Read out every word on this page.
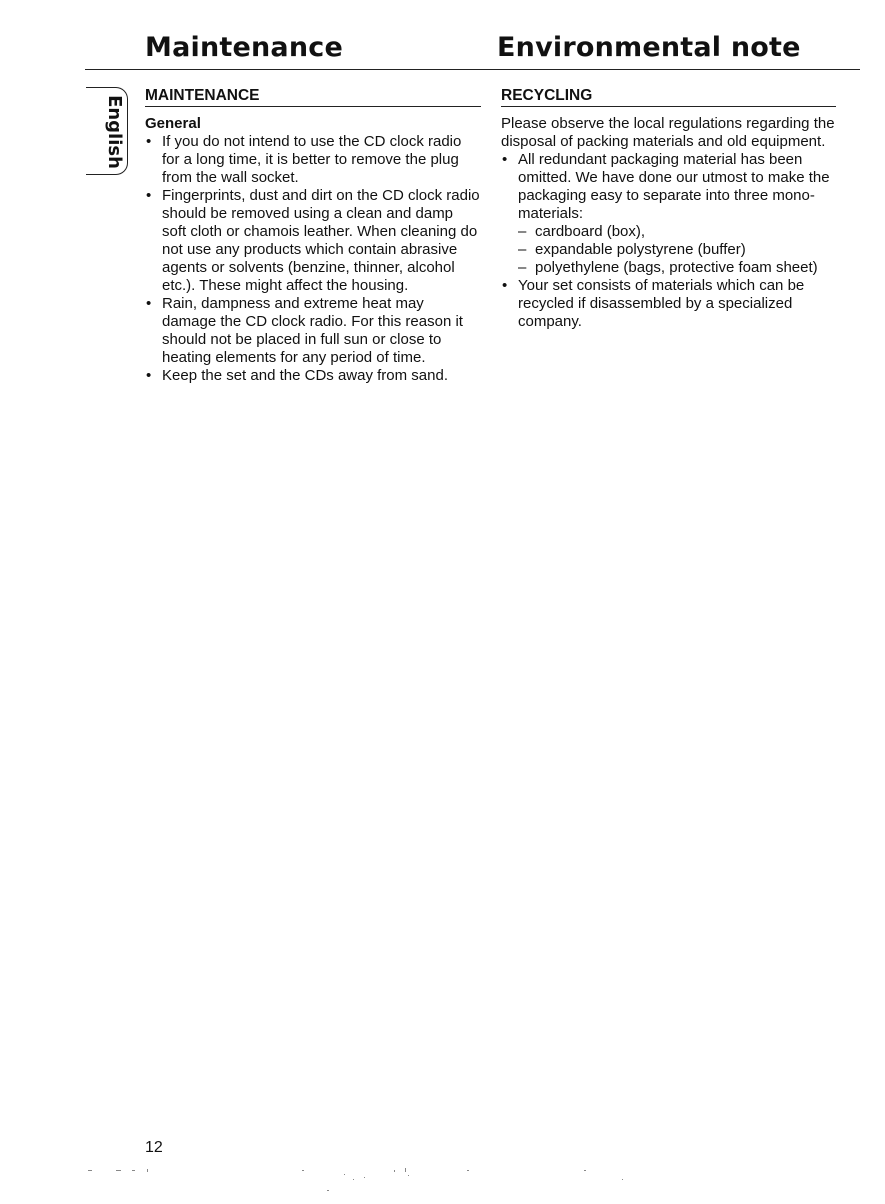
Maintenance	Environmental note
English MAINTENANCE
General
• If you do not intend to use the CD clock radio for a long time, it is better to remove the plug from the wall socket.
• Fingerprints, dust and dirt on the CD clock radio should be removed using a clean and damp soft cloth or chamois leather. When cleaning do not use any products which contain abrasive agents or solvents (benzine, thinner, alcohol etc.). These might affect the housing.
• Rain, dampness and extreme heat may damage the CD clock radio. For this reason it should not be placed in full sun or close to heating elements for any period of time.
• Keep the set and the CDs away from sand.
RECYCLING

Please observe the local regulations regarding the disposal of packing materials and old equipment.

• All redundant packaging material has been omitted. We have done our utmost to make the packaging easy to separate into three mono-materials:
– cardboard (box),
– expandable polystyrene (buffer)
– polyethylene (bags, protective foam sheet)
• Your set consists of materials which can be recycled if disassembled by a specialized company.
12
